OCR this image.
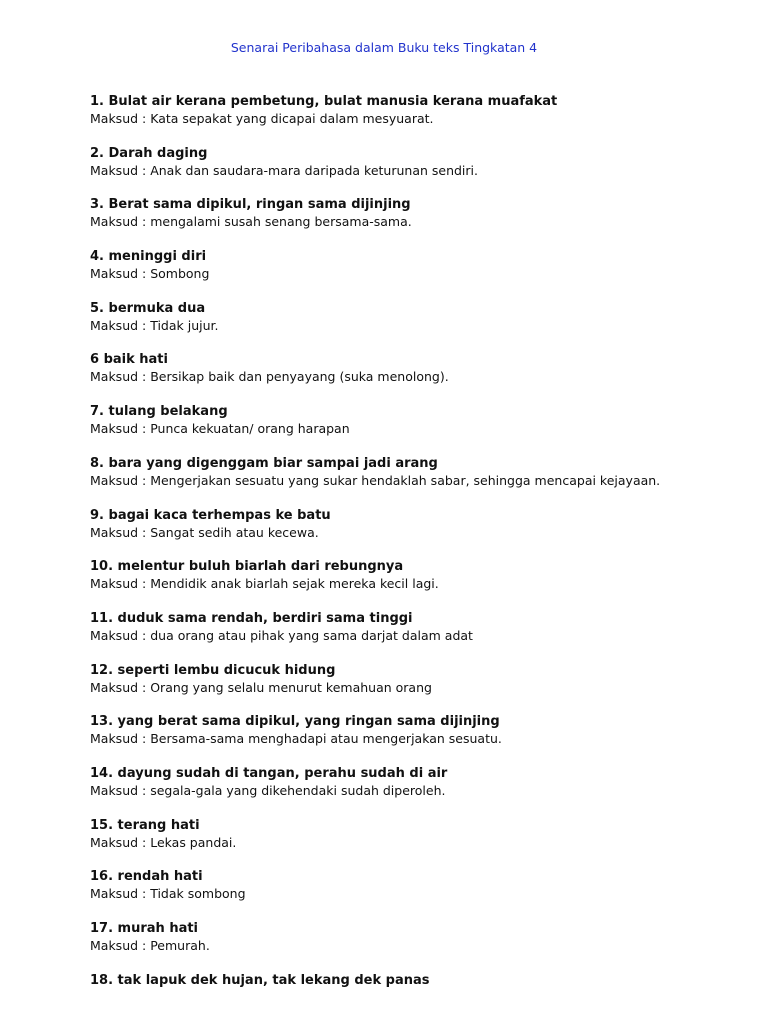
Senarai Peribahasa dalam Buku teks Tingkatan 4
1. Bulat air kerana pembetung, bulat manusia kerana muafakat
Maksud : Kata sepakat yang dicapai dalam mesyuarat.
2. Darah daging
Maksud : Anak dan saudara-mara daripada keturunan sendiri.
3. Berat sama dipikul, ringan sama dijinjing
Maksud : mengalami susah senang bersama-sama.
4. meninggi diri
Maksud : Sombong
5. bermuka dua
Maksud : Tidak jujur.
6 baik hati
Maksud : Bersikap baik dan penyayang (suka menolong).
7. tulang belakang
Maksud : Punca kekuatan/ orang harapan
8. bara yang digenggam biar sampai jadi arang
Maksud : Mengerjakan sesuatu yang sukar hendaklah sabar, sehingga mencapai kejayaan.
9. bagai kaca terhempas ke batu
Maksud : Sangat sedih atau kecewa.
10. melentur buluh biarlah dari rebungnya
Maksud : Mendidik anak biarlah sejak mereka kecil lagi.
11. duduk sama rendah, berdiri sama tinggi
Maksud : dua orang atau pihak yang sama darjat dalam adat
12. seperti lembu dicucuk hidung
Maksud : Orang yang selalu menurut kemahuan orang
13. yang berat sama dipikul, yang ringan sama dijinjing
Maksud : Bersama-sama menghadapi atau mengerjakan sesuatu.
14. dayung sudah di tangan, perahu sudah di air
Maksud : segala-gala yang dikehendaki sudah diperoleh.
15. terang hati
Maksud : Lekas pandai.
16. rendah hati
Maksud : Tidak sombong
17. murah hati
Maksud : Pemurah.
18. tak lapuk dek hujan, tak lekang dek panas
